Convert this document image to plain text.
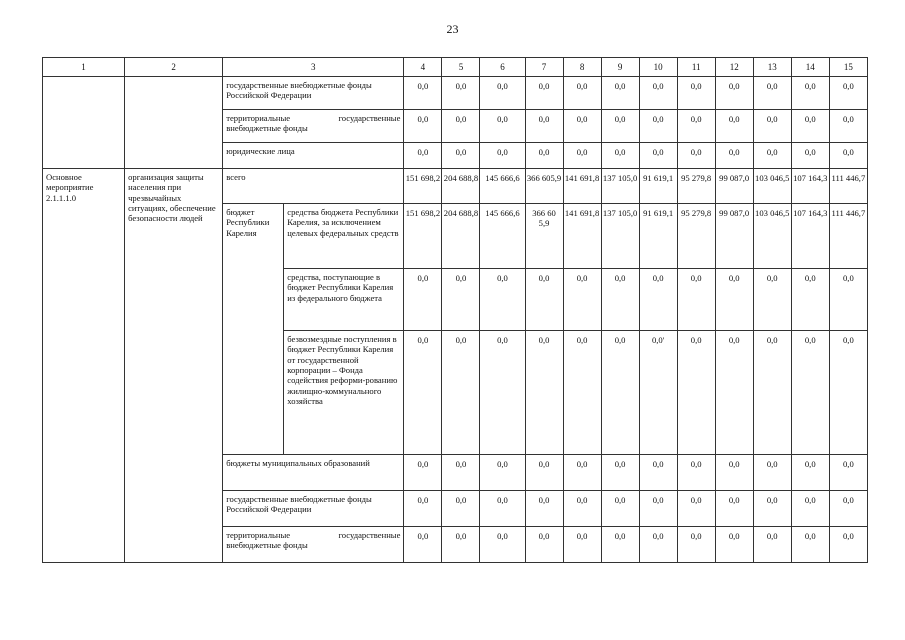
23
1	2	3		4	5	6	7	8	9	10	11	12	13	14	15
		государственные внебюджетные фонды Российской Федерации		0,0	0,0	0,0	0,0	0,0	0,0	0,0	0,0	0,0	0,0	0,0	0,0
		территориальные государственные внебюджетные фонды		0,0	0,0	0,0	0,0	0,0	0,0	0,0	0,0	0,0	0,0	0,0	0,0
		юридические лица		0,0	0,0	0,0	0,0	0,0	0,0	0,0	0,0	0,0	0,0	0,0	0,0
Основное мероприятие 2.1.1.1.0	организация защиты населения при чрезвычайных ситуациях, обеспечение безопасности людей	всего		151 698,2	204 688,8	145 666,6	366 605,9	141 691,8	137 105,0	91 619,1	95 279,8	99 087,0	103 046,5	107 164,3	111 446,7
		бюджет Республики Карелия	средства бюджета Республики Карелия, за исключением целевых федеральных средств	151 698,2	204 688,8	145 666,6	366 60 5,9	141 691,8	137 105,0	91 619,1	95 279,8	99 087,0	103 046,5	107 164,3	111 446,7
			средства, поступающие в бюджет Республики Карелия из федерального бюджета	0,0	0,0	0,0	0,0	0,0	0,0	0,0	0,0	0,0	0,0	0,0	0,0
			безвозмездные поступления в бюджет Республики Карелия от государственной корпорации – Фонда содействия реформи-рованию жилищно-коммунального хозяйства	0,0	0,0	0,0	0,0	0,0	0,0	0,0'	0,0	0,0	0,0	0,0	0,0
		бюджеты муниципальных образований		0,0	0,0	0,0	0,0	0,0	0,0	0,0	0,0	0,0	0,0	0,0	0,0
		государственные внебюджетные фонды Российской Федерации		0,0	0,0	0,0	0,0	0,0	0,0	0,0	0,0	0,0	0,0	0,0	0,0
		территориальные государственные внебюджетные фонды		0,0	0,0	0,0	0,0	0,0	0,0	0,0	0,0	0,0	0,0	0,0	0,0
